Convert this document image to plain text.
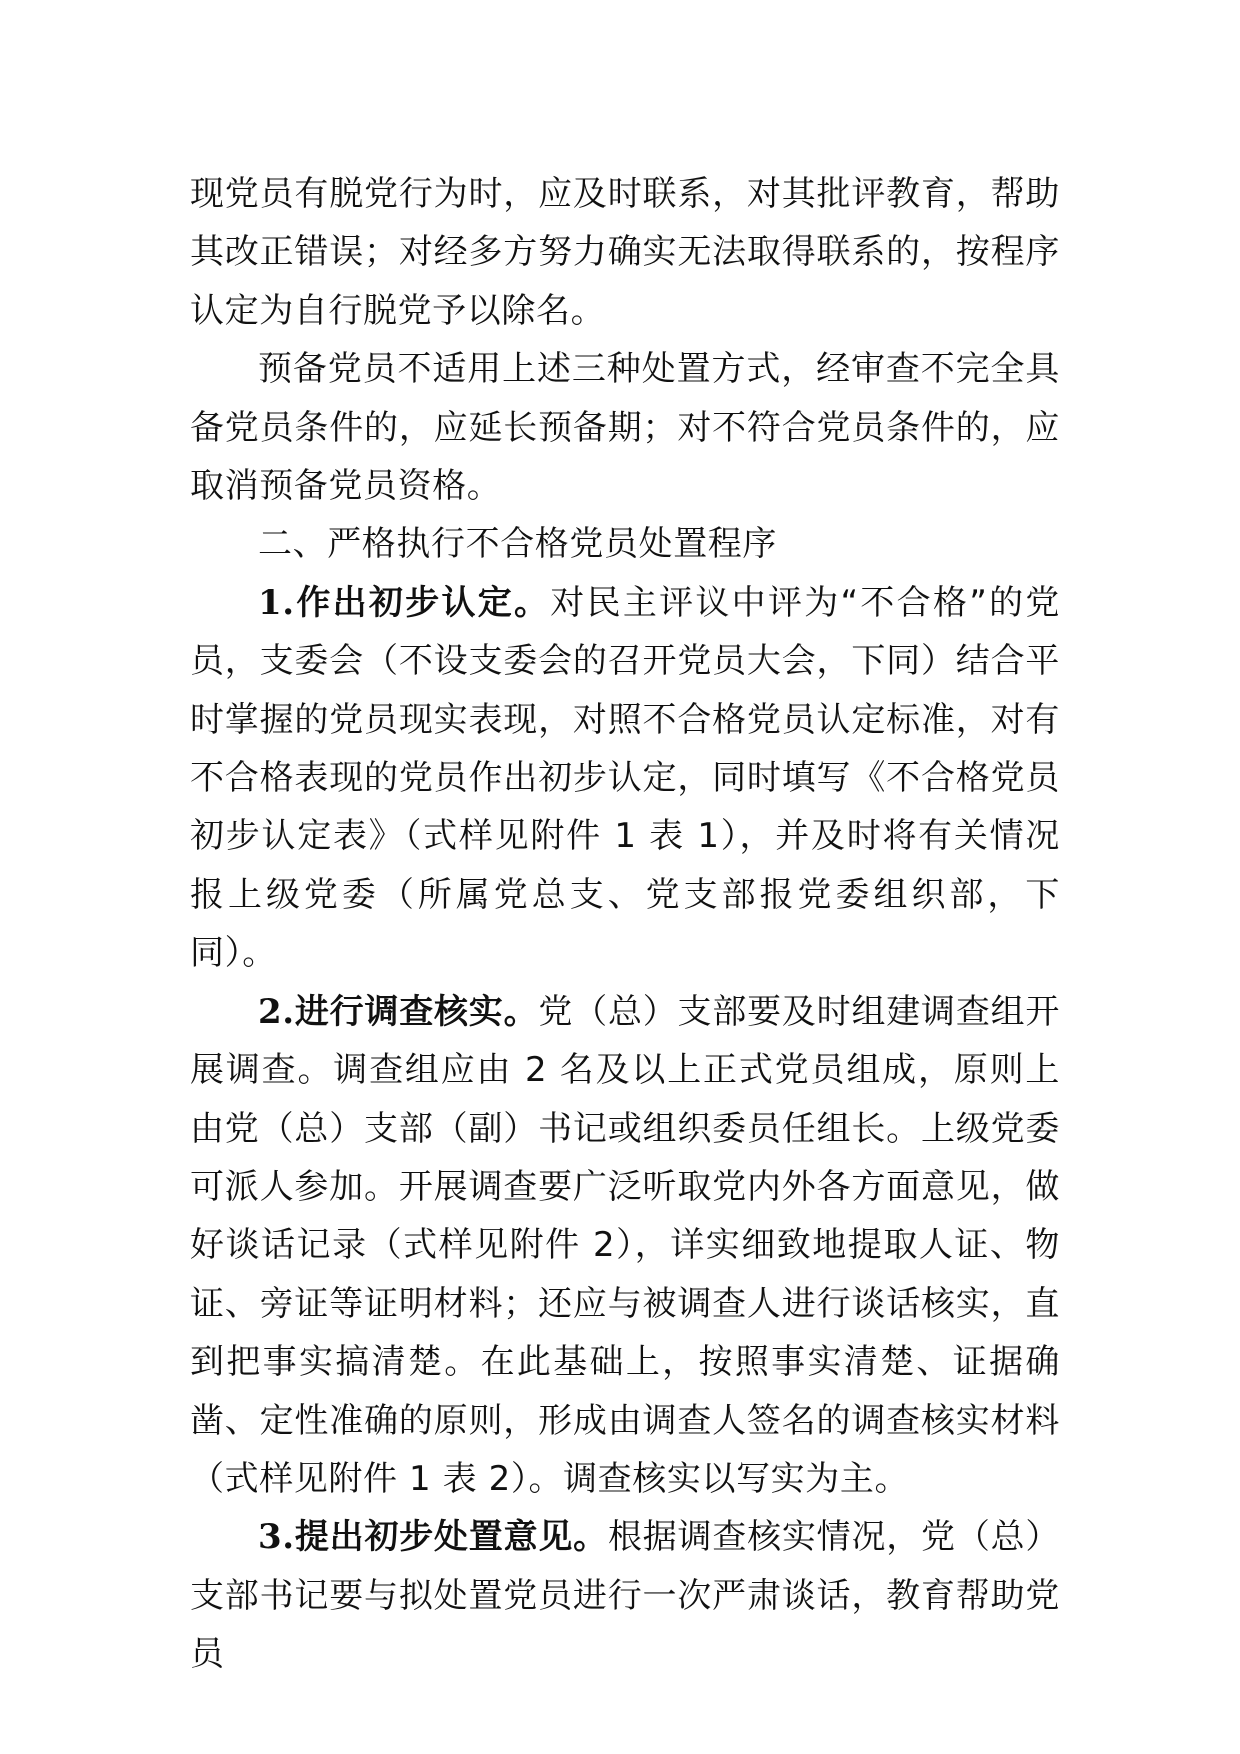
现党员有脱党行为时，应及时联系，对其批评教育，帮助其改正错误；对经多方努力确实无法取得联系的，按程序认定为自行脱党予以除名。

预备党员不适用上述三种处置方式，经审查不完全具备党员条件的，应延长预备期；对不符合党员条件的，应取消预备党员资格。

二、严格执行不合格党员处置程序

1.作出初步认定。对民主评议中评为“不合格”的党员，支委会（不设支委会的召开党员大会，下同）结合平时掌握的党员现实表现，对照不合格党员认定标准，对有不合格表现的党员作出初步认定，同时填写《不合格党员初步认定表》（式样见附件 1 表 1），并及时将有关情况报上级党委（所属党总支、党支部报党委组织部，下同）。

2.进行调查核实。党（总）支部要及时组建调查组开展调查。调查组应由 2 名及以上正式党员组成，原则上由党（总）支部（副）书记或组织委员任组长。上级党委可派人参加。开展调查要广泛听取党内外各方面意见，做好谈话记录（式样见附件 2），详实细致地提取人证、物证、旁证等证明材料；还应与被调查人进行谈话核实，直到把事实搞清楚。在此基础上，按照事实清楚、证据确凿、定性准确的原则，形成由调查人签名的调查核实材料（式样见附件 1 表 2）。调查核实以写实为主。

3.提出初步处置意见。根据调查核实情况，党（总）支部书记要与拟处置党员进行一次严肃谈话，教育帮助党员
